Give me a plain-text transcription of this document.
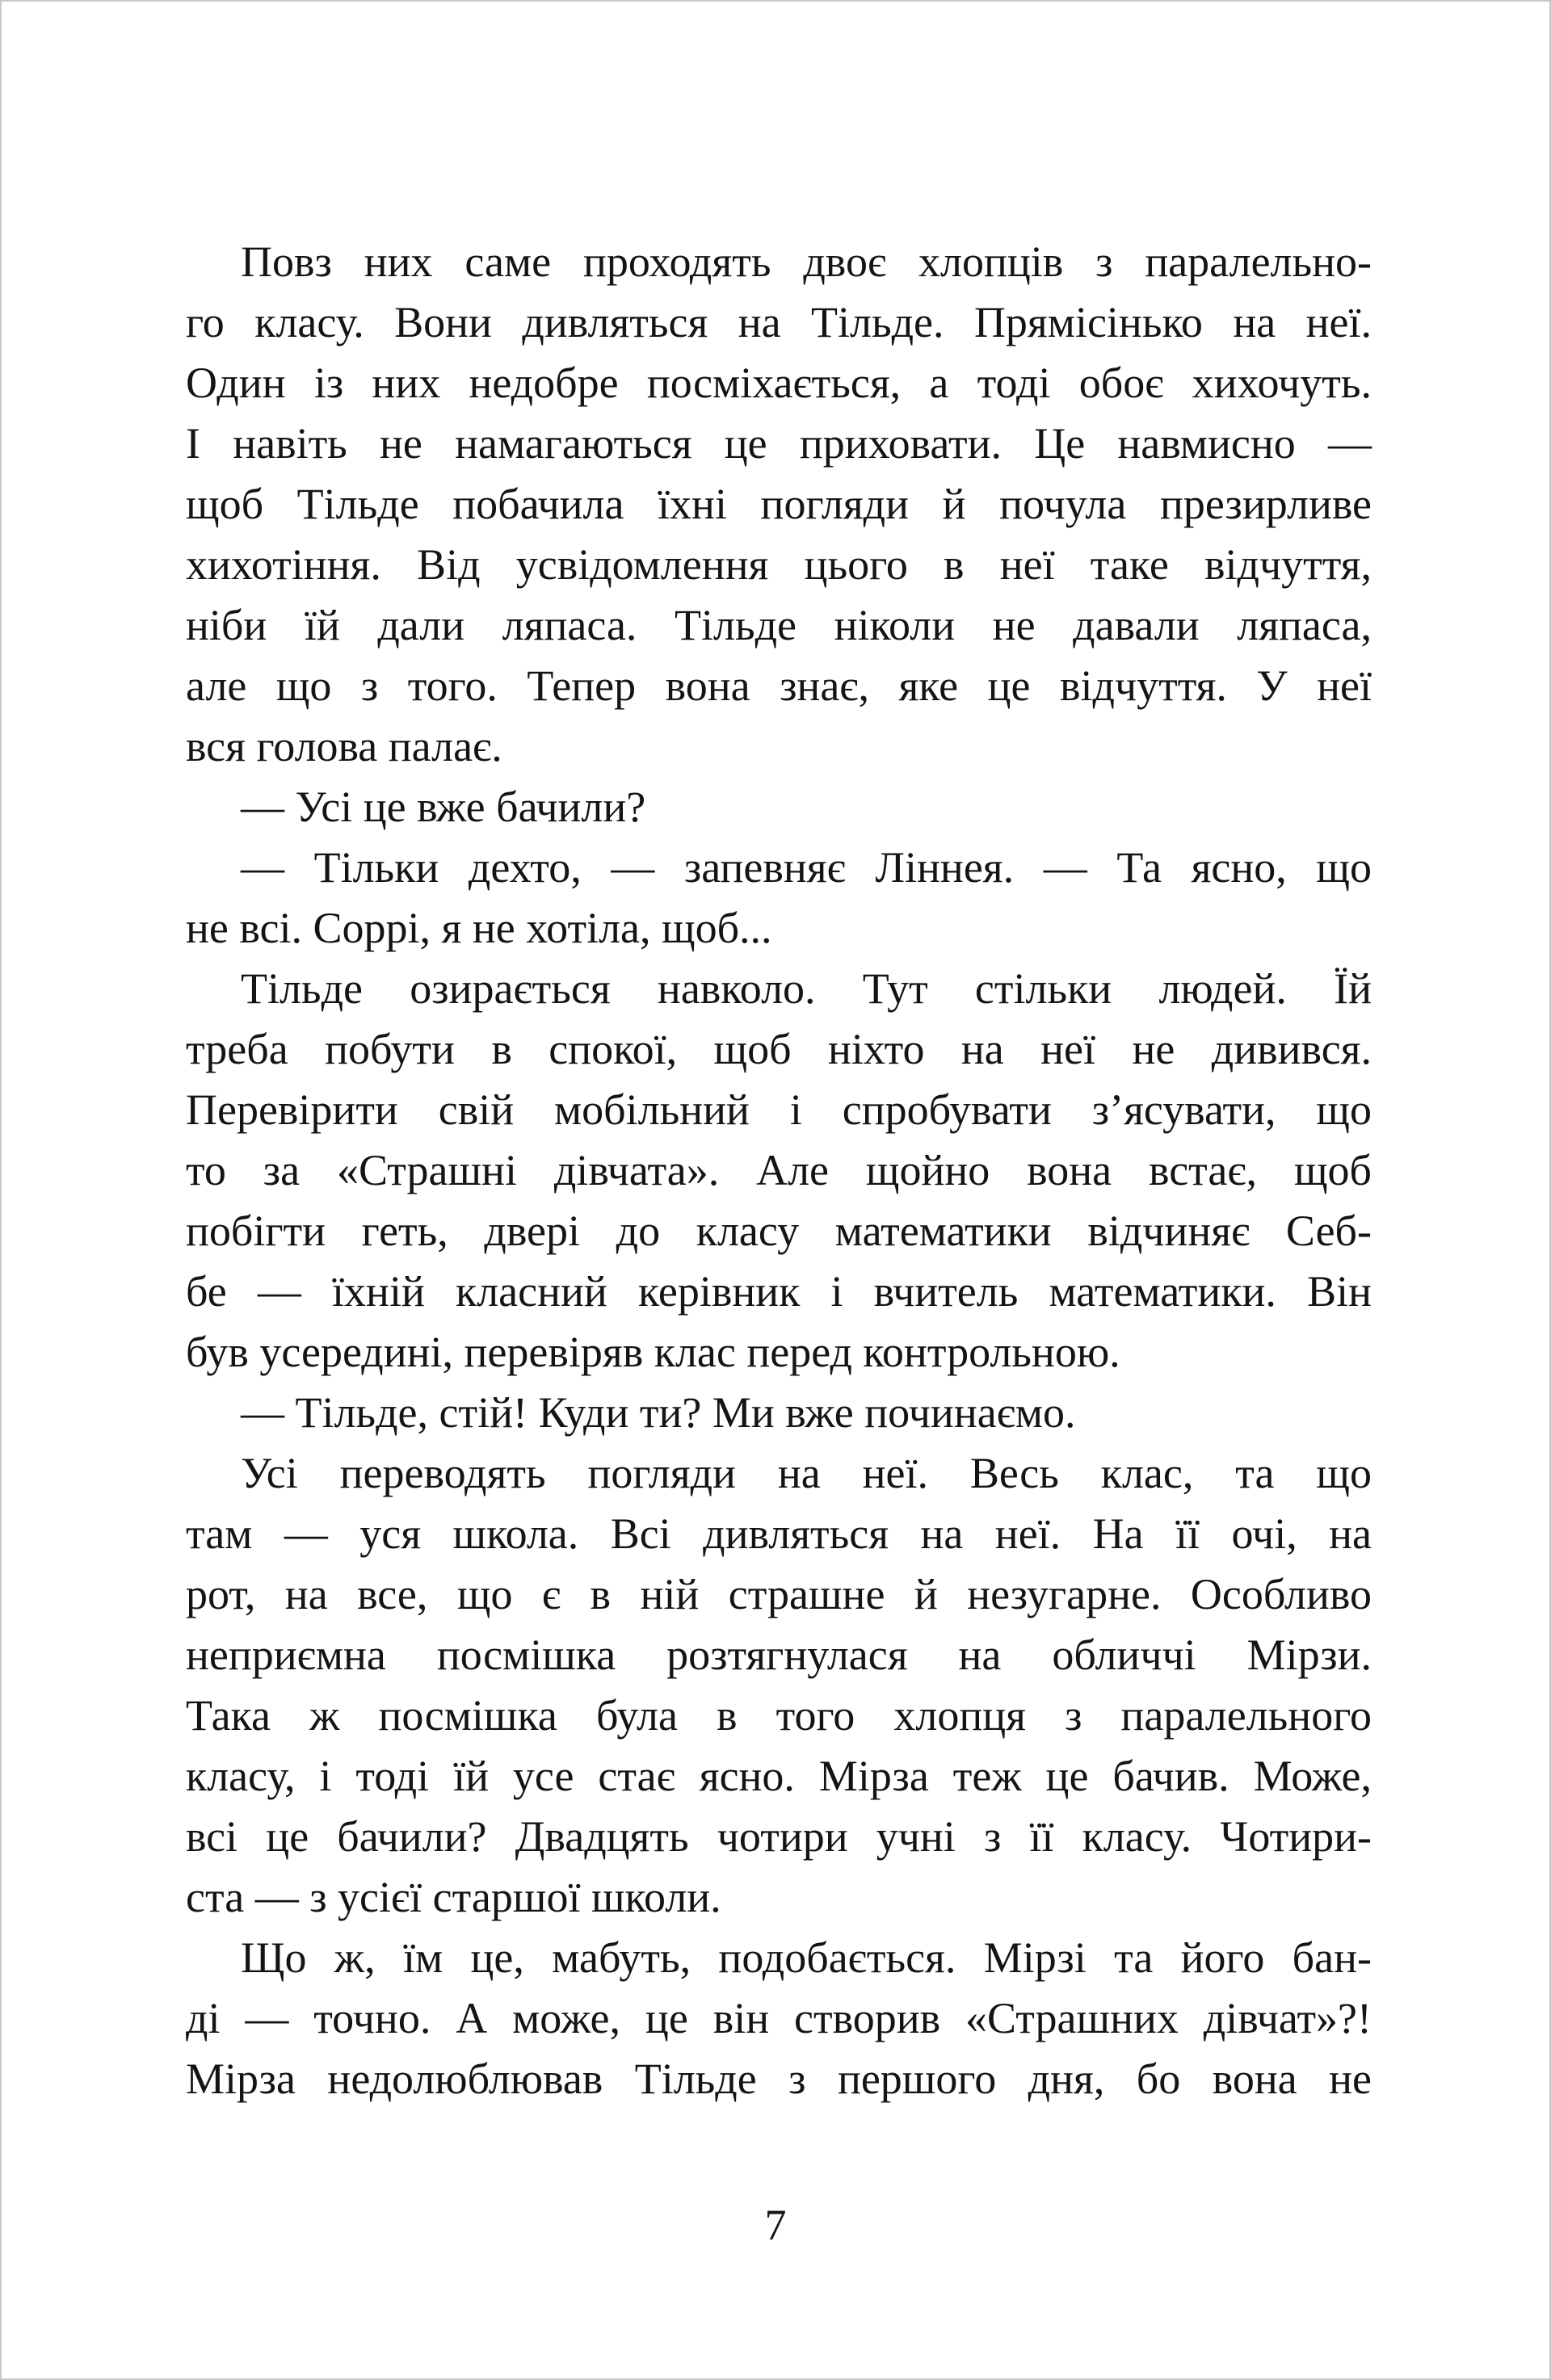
Повз них саме проходять двоє хлопців з паралельно-
го класу. Вони дивляться на Тільде. Прямісінько на неї.
Один із них недобре посміхається, а тоді обоє хихочуть.
І навіть не намагаються це приховати. Це навмисно —
щоб Тільде побачила їхні погляди й почула презирливе
хихотіння. Від усвідомлення цього в неї таке відчуття,
ніби їй дали ляпаса. Тільде ніколи не давали ляпаса,
але що з того. Тепер вона знає, яке це відчуття. У неї
вся голова палає.
— Усі це вже бачили?
— Тільки дехто, — запевняє Ліннея. — Та ясно, що
не всі. Соррі, я не хотіла, щоб...
Тільде озирається навколо. Тут стільки людей. Їй
треба побути в спокої, щоб ніхто на неї не дивився.
Перевірити свій мобільний і спробувати з’ясувати, що
то за «Страшні дівчата». Але щойно вона встає, щоб
побігти геть, двері до класу математики відчиняє Себ-
бе — їхній класний керівник і вчитель математики. Він
був усередині, перевіряв клас перед контрольною.
— Тільде, стій! Куди ти? Ми вже починаємо.
Усі переводять погляди на неї. Весь клас, та що
там — уся школа. Всі дивляться на неї. На її очі, на
рот, на все, що є в ній страшне й незугарне. Особливо
неприємна посмішка розтягнулася на обличчі Мірзи.
Така ж посмішка була в того хлопця з паралельного
класу, і тоді їй усе стає ясно. Мірза теж це бачив. Може,
всі це бачили? Двадцять чотири учні з її класу. Чотири-
ста — з усієї старшої школи.
Що ж, їм це, мабуть, подобається. Мірзі та його бан-
ді — точно. А може, це він створив «Страшних дівчат»?!
Мірза недолюблював Тільде з першого дня, бо вона не
7
